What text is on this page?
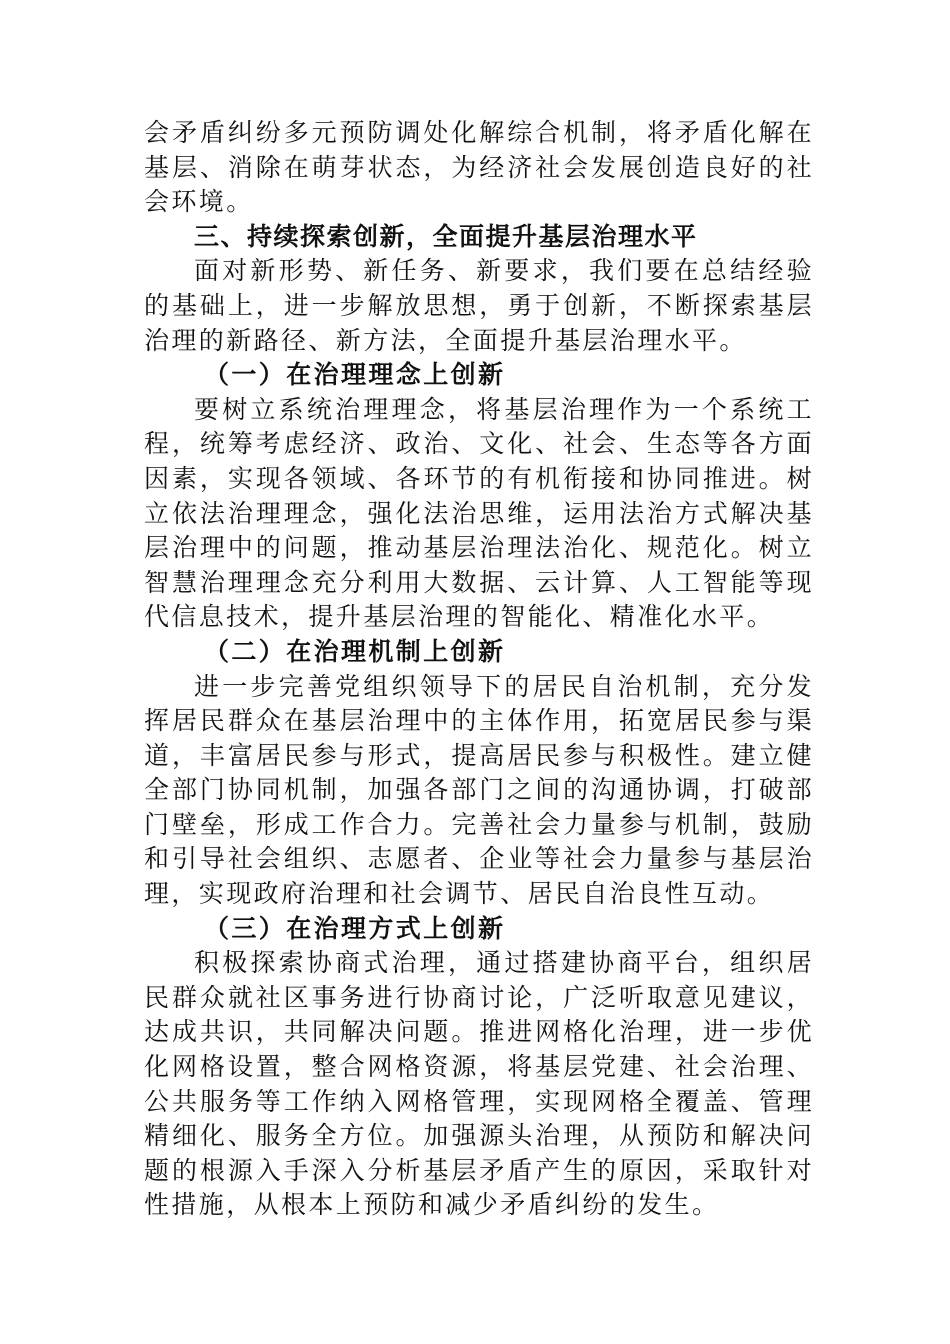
会矛盾纠纷多元预防调处化解综合机制，将矛盾化解在基层、消除在萌芽状态，为经济社会发展创造良好的社会环境。

三、持续探索创新，全面提升基层治理水平

面对新形势、新任务、新要求，我们要在总结经验的基础上，进一步解放思想，勇于创新，不断探索基层治理的新路径、新方法，全面提升基层治理水平。

（一）在治理理念上创新

要树立系统治理理念，将基层治理作为一个系统工程，统筹考虑经济、政治、文化、社会、生态等各方面因素，实现各领域、各环节的有机衔接和协同推进。树立依法治理理念，强化法治思维，运用法治方式解决基层治理中的问题，推动基层治理法治化、规范化。树立智慧治理理念充分利用大数据、云计算、人工智能等现代信息技术，提升基层治理的智能化、精准化水平。

（二）在治理机制上创新

进一步完善党组织领导下的居民自治机制，充分发挥居民群众在基层治理中的主体作用，拓宽居民参与渠道，丰富居民参与形式，提高居民参与积极性。建立健全部门协同机制，加强各部门之间的沟通协调，打破部门壁垒，形成工作合力。完善社会力量参与机制，鼓励和引导社会组织、志愿者、企业等社会力量参与基层治理，实现政府治理和社会调节、居民自治良性互动。

（三）在治理方式上创新

积极探索协商式治理，通过搭建协商平台，组织居民群众就社区事务进行协商讨论，广泛听取意见建议，达成共识，共同解决问题。推进网格化治理，进一步优化网格设置，整合网格资源，将基层党建、社会治理、公共服务等工作纳入网格管理，实现网格全覆盖、管理精细化、服务全方位。加强源头治理，从预防和解决问题的根源入手深入分析基层矛盾产生的原因，采取针对性措施，从根本上预防和减少矛盾纠纷的发生。
